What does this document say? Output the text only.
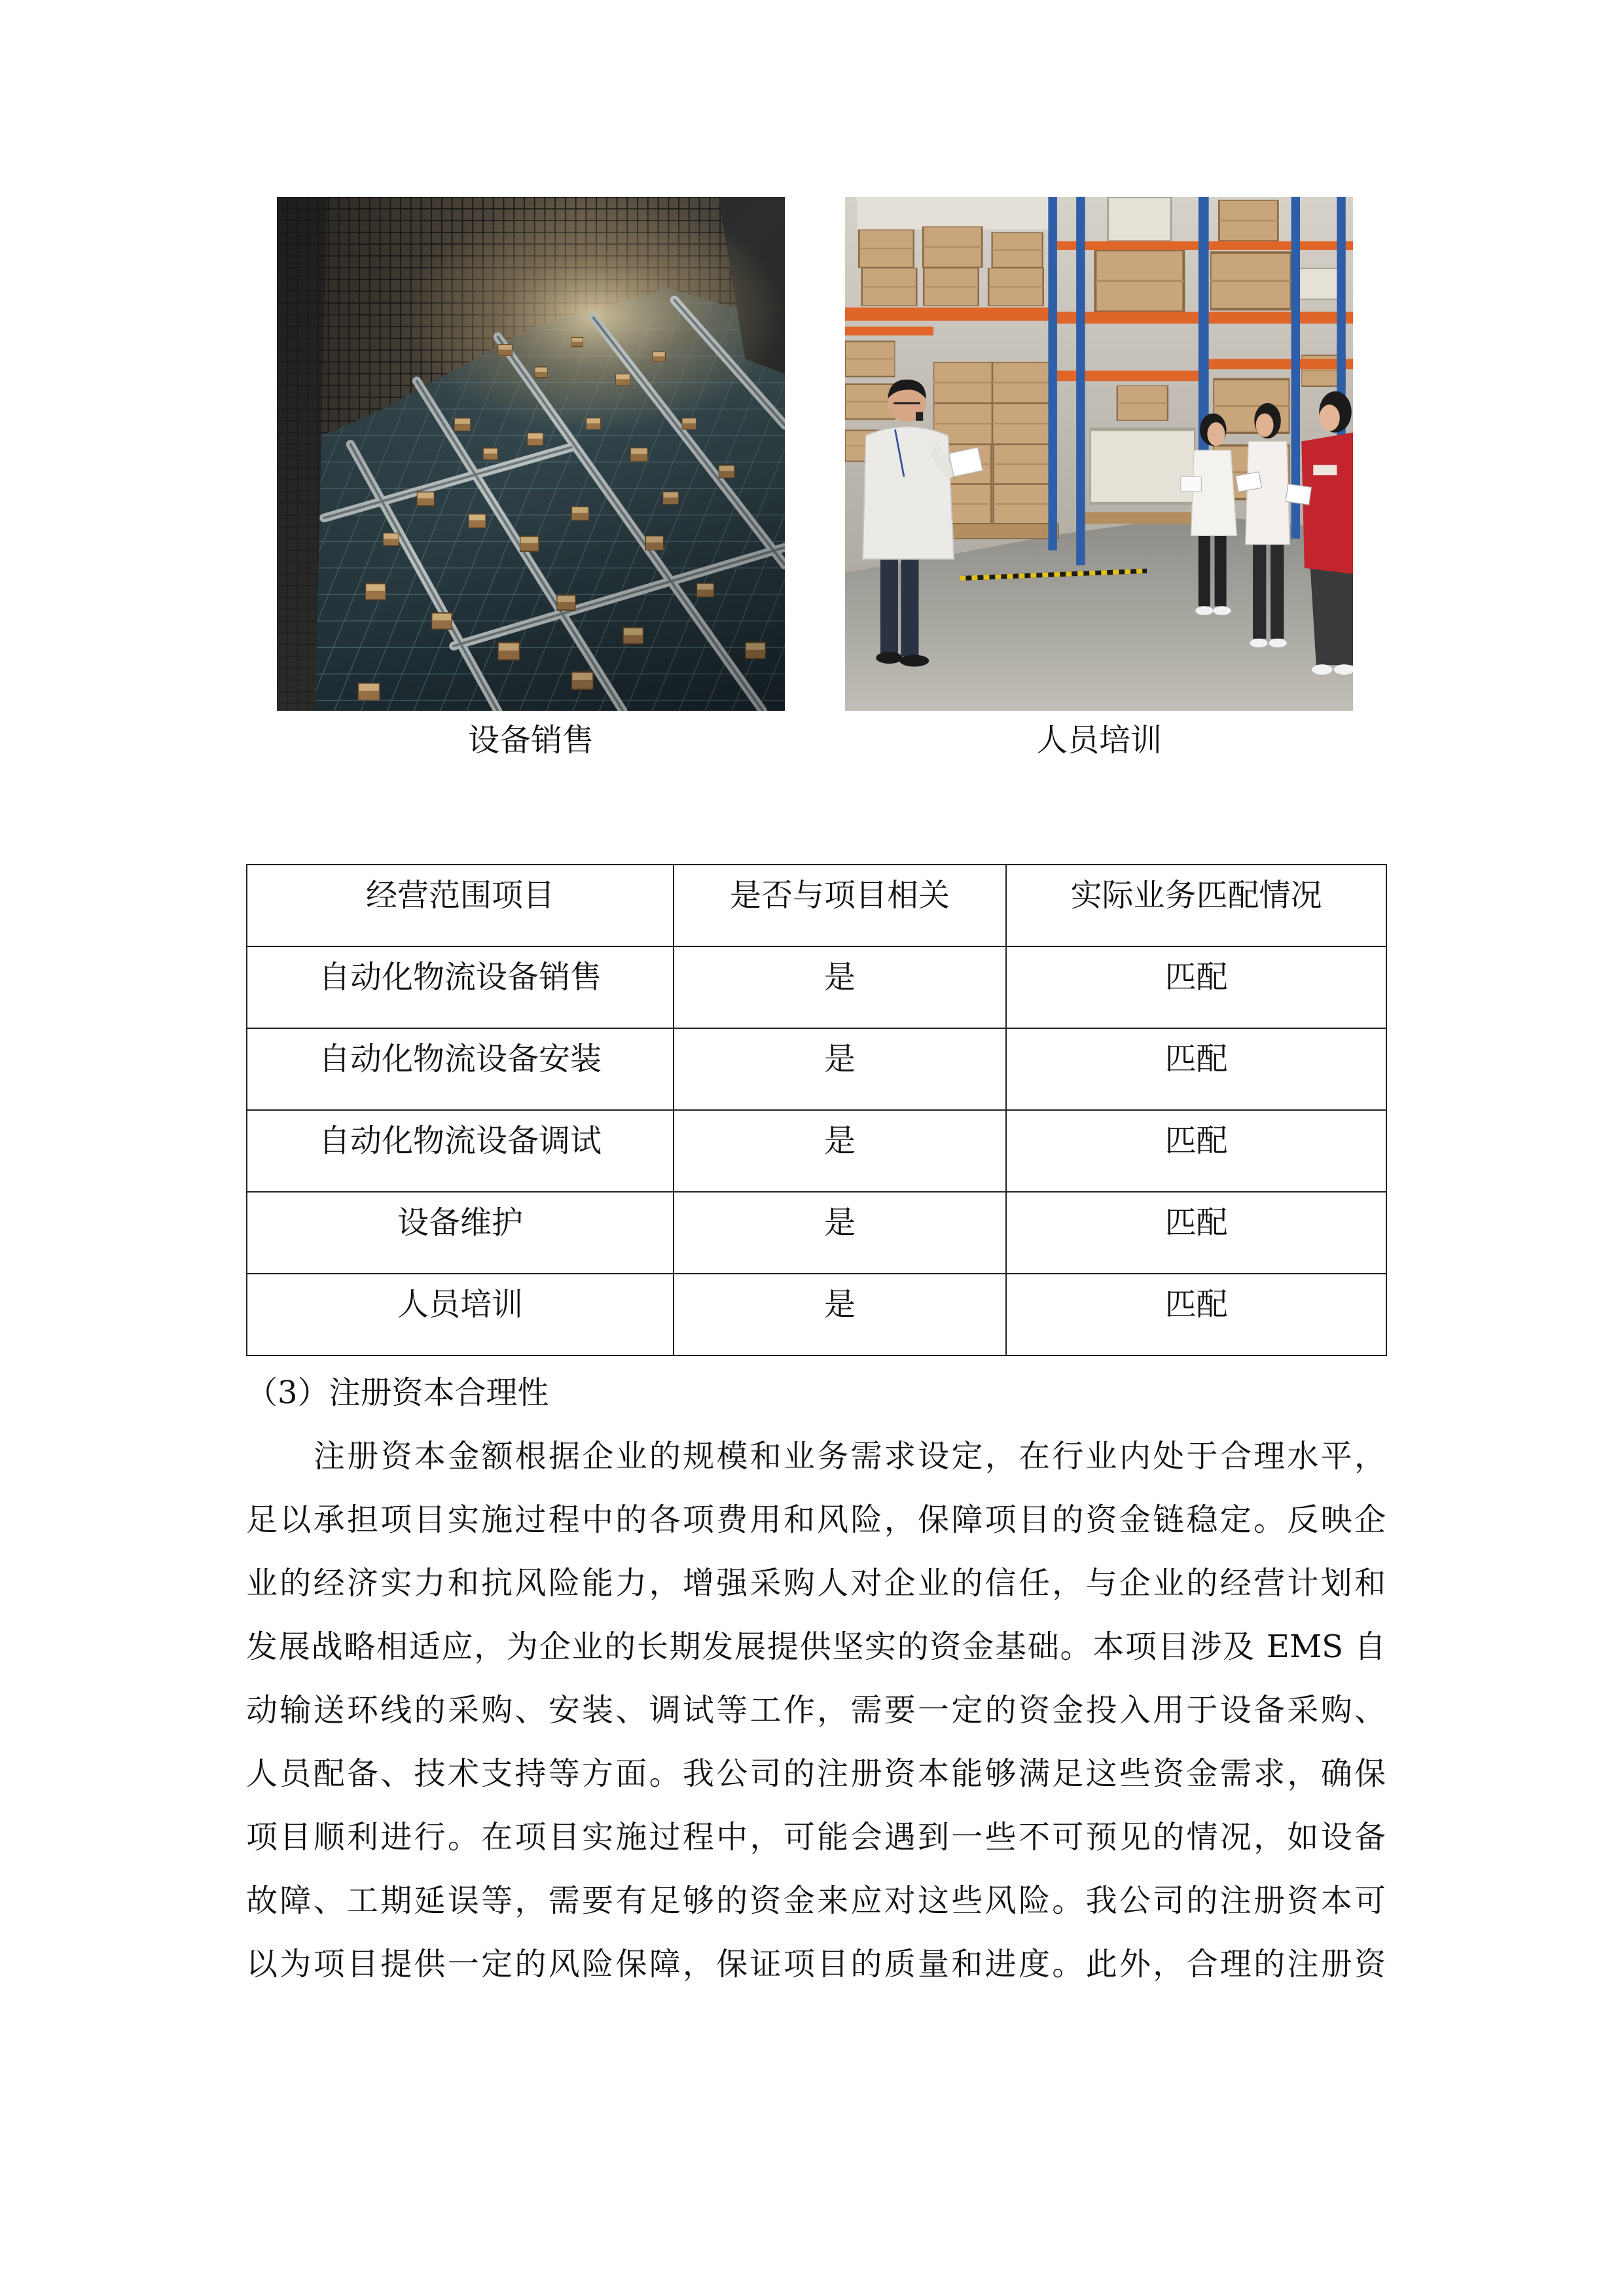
设备销售	人员培训
经营范围项目	是否与项目相关	实际业务匹配情况
自动化物流设备销售	是	匹配
自动化物流设备安装	是	匹配
自动化物流设备调试	是	匹配
设备维护	是	匹配
人员培训	是	匹配
（3）注册资本合理性
注册资本金额根据企业的规模和业务需求设定，在行业内处于合理水平，
足以承担项目实施过程中的各项费用和风险，保障项目的资金链稳定。反映企
业的经济实力和抗风险能力，增强采购人对企业的信任，与企业的经营计划和
发展战略相适应，为企业的长期发展提供坚实的资金基础。本项目涉及 EMS 自
动输送环线的采购、安装、调试等工作，需要一定的资金投入用于设备采购、
人员配备、技术支持等方面。我公司的注册资本能够满足这些资金需求，确保
项目顺利进行。在项目实施过程中，可能会遇到一些不可预见的情况，如设备
故障、工期延误等，需要有足够的资金来应对这些风险。我公司的注册资本可
以为项目提供一定的风险保障，保证项目的质量和进度。此外，合理的注册资
